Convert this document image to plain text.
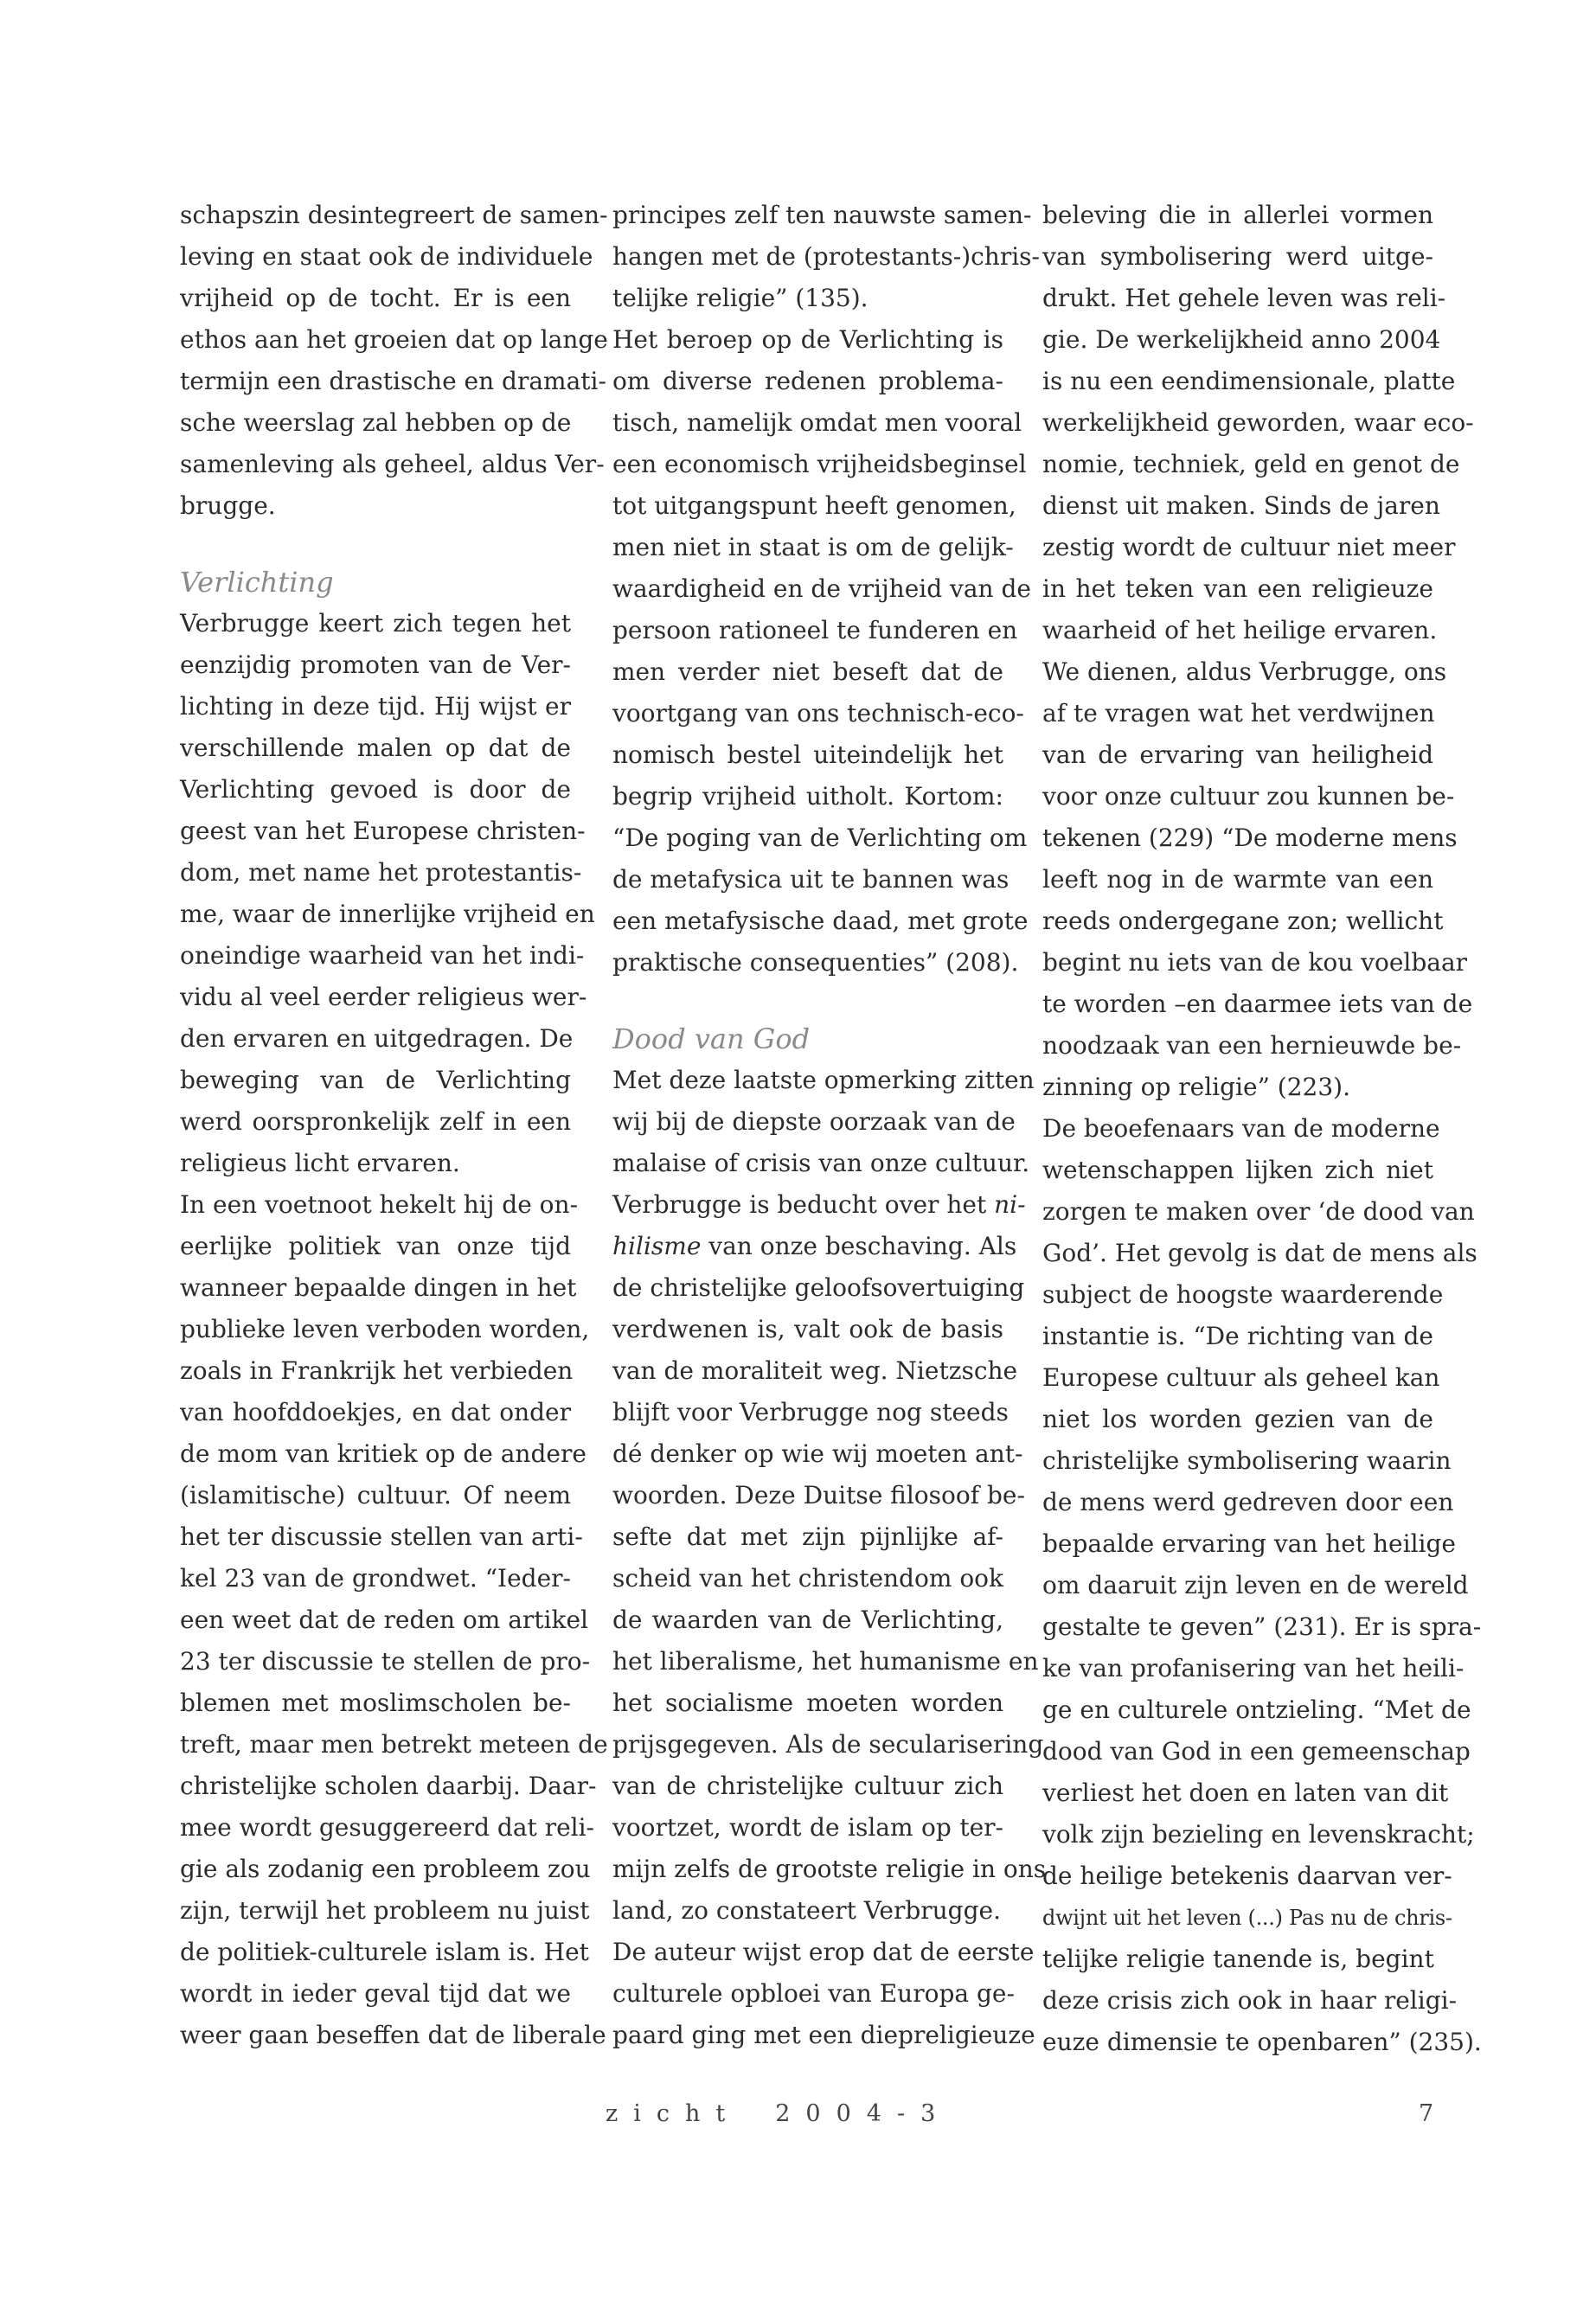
schapszin desintegreert de samen-
leving en staat ook de individuele
vrijheid op de tocht. Er is een
ethos aan het groeien dat op lange
termijn een drastische en dramati-
sche weerslag zal hebben op de
samenleving als geheel, aldus Ver-
brugge.
Verlichting
Verbrugge keert zich tegen het
eenzijdig promoten van de Ver-
lichting in deze tijd. Hij wijst er
verschillende malen op dat de
Verlichting gevoed is door de
geest van het Europese christen-
dom, met name het protestantis-
me, waar de innerlijke vrijheid en
oneindige waarheid van het indi-
vidu al veel eerder religieus wer-
den ervaren en uitgedragen. De
beweging van de Verlichting
werd oorspronkelijk zelf in een
religieus licht ervaren.
In een voetnoot hekelt hij de on-
eerlijke politiek van onze tijd
wanneer bepaalde dingen in het
publieke leven verboden worden,
zoals in Frankrijk het verbieden
van hoofddoekjes, en dat onder
de mom van kritiek op de andere
(islamitische) cultuur. Of neem
het ter discussie stellen van arti-
kel 23 van de grondwet. “Ieder-
een weet dat de reden om artikel
23 ter discussie te stellen de pro-
blemen met moslimscholen be-
treft, maar men betrekt meteen de
christelijke scholen daarbij. Daar-
mee wordt gesuggereerd dat reli-
gie als zodanig een probleem zou
zijn, terwijl het probleem nu juist
de politiek-culturele islam is. Het
wordt in ieder geval tijd dat we
weer gaan beseffen dat de liberale
principes zelf ten nauwste samen-
hangen met de (protestants-)chris-
telijke religie” (135).
Het beroep op de Verlichting is
om diverse redenen problema-
tisch, namelijk omdat men vooral
een economisch vrijheidsbeginsel
tot uitgangspunt heeft genomen,
men niet in staat is om de gelijk-
waardigheid en de vrijheid van de
persoon rationeel te funderen en
men verder niet beseft dat de
voortgang van ons technisch-eco-
nomisch bestel uiteindelijk het
begrip vrijheid uitholt. Kortom:
“De poging van de Verlichting om
de metafysica uit te bannen was
een metafysische daad, met grote
praktische consequenties” (208).
Dood van God
Met deze laatste opmerking zitten
wij bij de diepste oorzaak van de
malaise of crisis van onze cultuur.
Verbrugge is beducht over het ni-
hilisme van onze beschaving. Als
de christelijke geloofsovertuiging
verdwenen is, valt ook de basis
van de moraliteit weg. Nietzsche
blijft voor Verbrugge nog steeds
dé denker op wie wij moeten ant-
woorden. Deze Duitse filosoof be-
sefte dat met zijn pijnlijke af-
scheid van het christendom ook
de waarden van de Verlichting,
het liberalisme, het humanisme en
het socialisme moeten worden
prijsgegeven. Als de secularisering
van de christelijke cultuur zich
voortzet, wordt de islam op ter-
mijn zelfs de grootste religie in ons
land, zo constateert Verbrugge.
De auteur wijst erop dat de eerste
culturele opbloei van Europa ge-
paard ging met een diepreligieuze
beleving die in allerlei vormen
van symbolisering werd uitge-
drukt. Het gehele leven was reli-
gie. De werkelijkheid anno 2004
is nu een eendimensionale, platte
werkelijkheid geworden, waar eco-
nomie, techniek, geld en genot de
dienst uit maken. Sinds de jaren
zestig wordt de cultuur niet meer
in het teken van een religieuze
waarheid of het heilige ervaren.
We dienen, aldus Verbrugge, ons
af te vragen wat het verdwijnen
van de ervaring van heiligheid
voor onze cultuur zou kunnen be-
tekenen (229) “De moderne mens
leeft nog in de warmte van een
reeds ondergegane zon; wellicht
begint nu iets van de kou voelbaar
te worden –en daarmee iets van de
noodzaak van een hernieuwde be-
zinning op religie” (223).
De beoefenaars van de moderne
wetenschappen lijken zich niet
zorgen te maken over ‘de dood van
God’. Het gevolg is dat de mens als
subject de hoogste waarderende
instantie is. “De richting van de
Europese cultuur als geheel kan
niet los worden gezien van de
christelijke symbolisering waarin
de mens werd gedreven door een
bepaalde ervaring van het heilige
om daaruit zijn leven en de wereld
gestalte te geven” (231). Er is spra-
ke van profanisering van het heili-
ge en culturele ontzieling. “Met de
dood van God in een gemeenschap
verliest het doen en laten van dit
volk zijn bezieling en levenskracht;
de heilige betekenis daarvan ver-
dwijnt uit het leven (...) Pas nu de chris-
telijke religie tanende is, begint
deze crisis zich ook in haar religi-
euze dimensie te openbaren” (235).
zicht 2004-3	7
